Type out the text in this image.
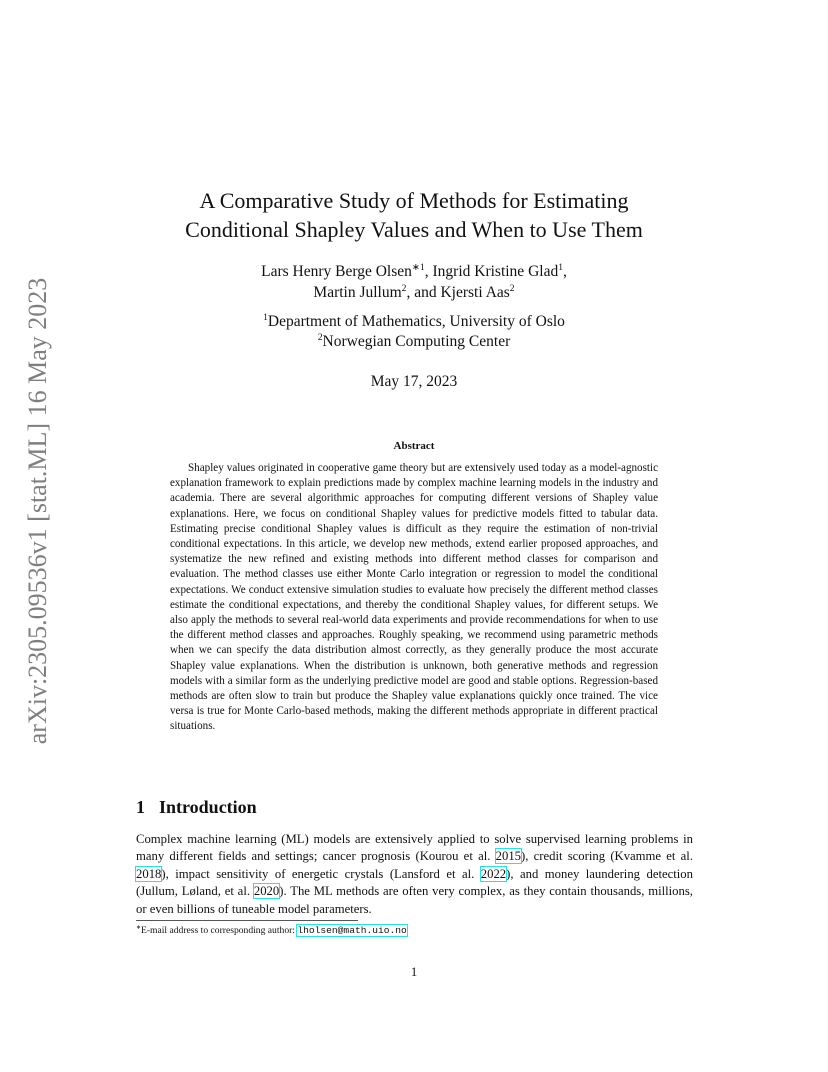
arXiv:2305.09536v1 [stat.ML] 16 May 2023
A Comparative Study of Methods for Estimating
Conditional Shapley Values and When to Use Them
Lars Henry Berge Olsen$^{∗1}$, Ingrid Kristine Glad$^1$,
Martin Jullum$^2$, and Kjersti Aas$^2$
$^1$Department of Mathematics, University of Oslo
$^2$Norwegian Computing Center
May 17, 2023
Abstract

Shapley values originated in cooperative game theory but are extensively used today as a model-agnostic explanation framework to explain predictions made by complex machine learning models in the industry and academia. There are several algorithmic approaches for computing different versions of Shapley value explanations. Here, we focus on conditional Shapley values for predictive models fitted to tabular data. Estimating precise conditional Shapley values is difficult as they require the estimation of non-trivial conditional expectations. In this article, we develop new methods, extend earlier proposed approaches, and systematize the new refined and existing methods into different method classes for comparison and evaluation. The method classes use either Monte Carlo integration or regression to model the conditional expectations. We conduct extensive simulation studies to evaluate how precisely the different method classes estimate the conditional expectations, and thereby the conditional Shapley values, for different setups. We also apply the methods to several real-world data experiments and provide recommendations for when to use the different method classes and approaches. Roughly speaking, we recommend using parametric methods when we can specify the data distribution almost correctly, as they generally produce the most accurate Shapley value explanations. When the distribution is unknown, both generative methods and regression models with a similar form as the underlying predictive model are good and stable options. Regression-based methods are often slow to train but produce the Shapley value explanations quickly once trained. The vice versa is true for Monte Carlo-based methods, making the different methods appropriate in different practical situations.

1 Introduction

Complex machine learning (ML) models are extensively applied to solve supervised learning problems in many different fields and settings; cancer prognosis (Kourou et al. 2015), credit scoring (Kvamme et al. 2018), impact sensitivity of energetic crystals (Lansford et al. 2022), and money laundering detection (Jullum, Løland, et al. 2020). The ML methods are often very complex, as they contain thousands, millions, or even billions of tuneable model parameters.

∗E-mail address to corresponding author: lholsen@math.uio.no
1
